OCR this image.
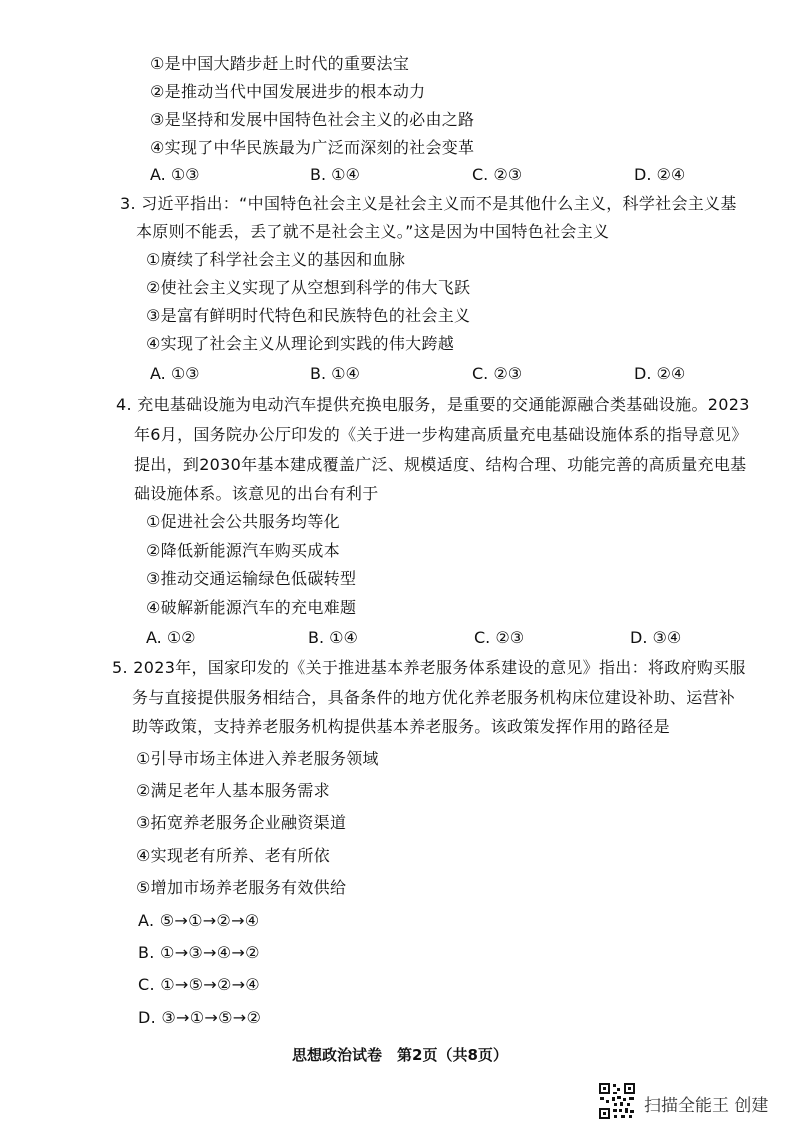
①是中国大踏步赶上时代的重要法宝
②是推动当代中国发展进步的根本动力
③是坚持和发展中国特色社会主义的必由之路
④实现了中华民族最为广泛而深刻的社会变革
A. ①③	B. ①④	C. ②③	D. ②④
3. 习近平指出：“中国特色社会主义是社会主义而不是其他什么主义，科学社会主义基
本原则不能丢，丢了就不是社会主义。”这是因为中国特色社会主义
①赓续了科学社会主义的基因和血脉
②使社会主义实现了从空想到科学的伟大飞跃
③是富有鲜明时代特色和民族特色的社会主义
④实现了社会主义从理论到实践的伟大跨越
A. ①③	B. ①④	C. ②③	D. ②④
4. 充电基础设施为电动汽车提供充换电服务，是重要的交通能源融合类基础设施。2023
年6月，国务院办公厅印发的《关于进一步构建高质量充电基础设施体系的指导意见》
提出，到2030年基本建成覆盖广泛、规模适度、结构合理、功能完善的高质量充电基
础设施体系。该意见的出台有利于
①促进社会公共服务均等化
②降低新能源汽车购买成本
③推动交通运输绿色低碳转型
④破解新能源汽车的充电难题
A. ①②	B. ①④	C. ②③	D. ③④
5. 2023年，国家印发的《关于推进基本养老服务体系建设的意见》指出：将政府购买服
务与直接提供服务相结合，具备条件的地方优化养老服务机构床位建设补助、运营补
助等政策，支持养老服务机构提供基本养老服务。该政策发挥作用的路径是
①引导市场主体进入养老服务领域
②满足老年人基本服务需求
③拓宽养老服务企业融资渠道
④实现老有所养、老有所依
⑤增加市场养老服务有效供给
A. ⑤→①→②→④
B. ①→③→④→②
C. ①→⑤→②→④
D. ③→①→⑤→②
思想政治试卷　第2页（共8页）
扫描全能王 创建
